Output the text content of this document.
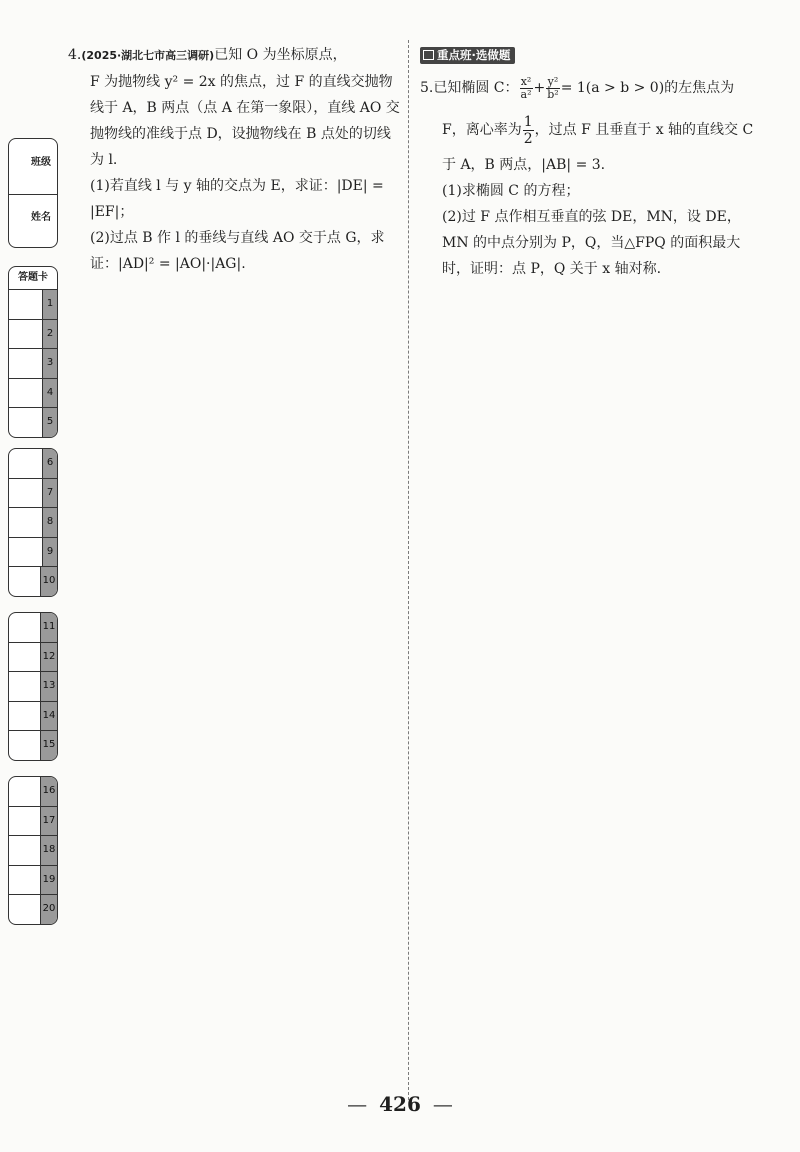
班级
姓名
答题卡
1
2
3
4
5
6
7
8
9
10
11
12
13
14
15
16
17
18
19
20
4.(2025·湖北七市高三调研)已知 O 为坐标原点，
F 为抛物线 y² = 2x 的焦点，过 F 的直线交抛物
线于 A，B 两点（点 A 在第一象限），直线 AO 交
抛物线的准线于点 D，设抛物线在 B 点处的切线
为 l.
(1)若直线 l 与 y 轴的交点为 E，求证：|DE| =
|EF|；
(2)过点 B 作 l 的垂线与直线 AO 交于点 G，求
证：|AD|² = |AO|·|AG|.
重点班·选做题
5.已知椭圆 C： $\frac{\text{x²}}{\text{a²}} + \frac{\text{y²}}{\text{b²}} = 1(a > b > 0)$的左焦点为
F，离心率为 $\frac{1}{2}$ ，过点 F 且垂直于 x 轴的直线交 C
于 A，B 两点，|AB| = 3.
(1)求椭圆 C 的方程；
(2)过 F 点作相互垂直的弦 DE，MN，设 DE，
MN 的中点分别为 P，Q，当△FPQ 的面积最大
时，证明：点 P，Q 关于 x 轴对称.
— 426 —
